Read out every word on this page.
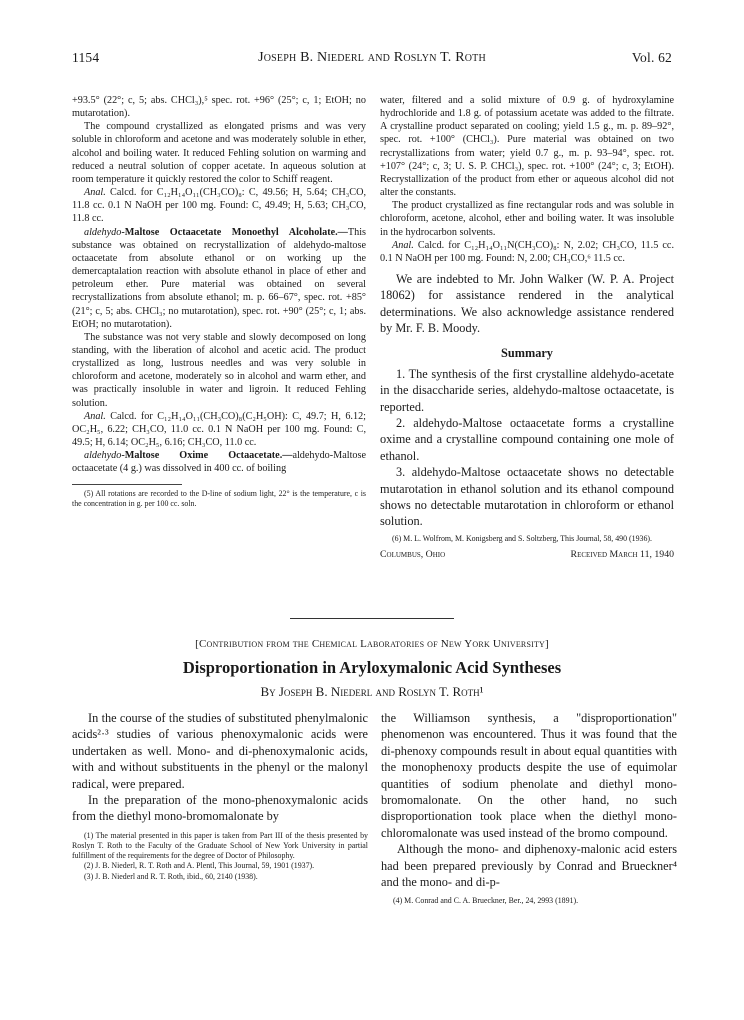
1154	Joseph B. Niederl and Roslyn T. Roth	Vol. 62

+93.5° (22°; c, 5; abs. CHCl₃),⁵ spec. rot. +96° (25°; c, 1; EtOH; no mutarotation).

The compound crystallized as elongated prisms and was very soluble in chloroform and acetone and was moderately soluble in ether, alcohol and boiling water. It reduced Fehling solution on warming and reduced a neutral solution of copper acetate. In aqueous solution at room temperature it quickly restored the color to Schiff reagent.

Anal. Calcd. for C₁₂H₁₄O₁₁(CH₃CO)₈: C, 49.56; H, 5.64; CH₃CO, 11.8 cc. 0.1 N NaOH per 100 mg. Found: C, 49.49; H, 5.63; CH₃CO, 11.8 cc.

aldehydo-Maltose Octaacetate Monoethyl Alcoholate.—This substance was obtained on recrystallization of aldehydo-maltose octaacetate from absolute ethanol or on working up the demercaptalation reaction with absolute ethanol in place of ether and petroleum ether. Pure material was obtained on several recrystallizations from absolute ethanol; m. p. 66–67°, spec. rot. +85° (21°; c, 5; abs. CHCl₃; no mutarotation), spec. rot. +90° (25°; c, 1; abs. EtOH; no mutarotation).

The substance was not very stable and slowly decomposed on long standing, with the liberation of alcohol and acetic acid. The product crystallized as long, lustrous needles and was very soluble in chloroform and acetone, moderately so in alcohol and warm ether, and was practically insoluble in water and ligroin. It reduced Fehling solution.

Anal. Calcd. for C₁₂H₁₄O₁₁(CH₃CO)₈(C₂H₅OH): C, 49.7; H, 6.12; OC₂H₅, 6.22; CH₃CO, 11.0 cc. 0.1 N NaOH per 100 mg. Found: C, 49.5; H, 6.14; OC₂H₅, 6.16; CH₃CO, 11.0 cc.

aldehydo-Maltose Oxime Octaacetate.—aldehydo-Maltose octaacetate (4 g.) was dissolved in 400 cc. of boiling

(5) All rotations are recorded to the D-line of sodium light, 22° is the temperature, c is the concentration in g. per 100 cc. soln.

water, filtered and a solid mixture of 0.9 g. of hydroxylamine hydrochloride and 1.8 g. of potassium acetate was added to the filtrate. A crystalline product separated on cooling; yield 1.5 g., m. p. 89–92°, spec. rot. +100° (CHCl₃). Pure material was obtained on two recrystallizations from water; yield 0.7 g., m. p. 93–94°, spec. rot. +107° (24°; c, 3; U. S. P. CHCl₃), spec. rot. +100° (24°; c, 3; EtOH). Recrystallization of the product from ether or aqueous alcohol did not alter the constants.

The product crystallized as fine rectangular rods and was soluble in chloroform, acetone, alcohol, ether and boiling water. It was insoluble in the hydrocarbon solvents.

Anal. Calcd. for C₁₂H₁₄O₁₁N(CH₃CO)₈: N, 2.02; CH₃CO, 11.5 cc. 0.1 N NaOH per 100 mg. Found: N, 2.00; CH₃CO,⁶ 11.5 cc.

We are indebted to Mr. John Walker (W. P. A. Project 18062) for assistance rendered in the analytical determinations. We also acknowledge assistance rendered by Mr. F. B. Moody.

Summary

1. The synthesis of the first crystalline aldehydo-acetate in the disaccharide series, aldehydo-maltose octaacetate, is reported.

2. aldehydo-Maltose octaacetate forms a crystalline oxime and a crystalline compound containing one mole of ethanol.

3. aldehydo-Maltose octaacetate shows no detectable mutarotation in ethanol solution and its ethanol compound shows no detectable mutarotation in chloroform or ethanol solution.

(6) M. L. Wolfrom, M. Konigsberg and S. Soltzberg, This Journal, 58, 490 (1936).

Columbus, Ohio	Received March 11, 1940
[Contribution from the Chemical Laboratories of New York University]
Disproportionation in Aryloxymalonic Acid Syntheses
By Joseph B. Niederl and Roslyn T. Roth¹

In the course of the studies of substituted phenylmalonic acids²·³ studies of various phenoxymalonic acids were undertaken as well. Mono- and di-phenoxymalonic acids, with and without substituents in the phenyl or the malonyl radical, were prepared.

In the preparation of the mono-phenoxymalonic acids from the diethyl mono-bromomalonate by

(1) The material presented in this paper is taken from Part III of the thesis presented by Roslyn T. Roth to the Faculty of the Graduate School of New York University in partial fulfillment of the requirements for the degree of Doctor of Philosophy.

(2) J. B. Niederl, R. T. Roth and A. Plentl, This Journal, 59, 1901 (1937).

(3) J. B. Niederl and R. T. Roth, ibid., 60, 2140 (1938).

the Williamson synthesis, a "disproportionation" phenomenon was encountered. Thus it was found that the di-phenoxy compounds result in about equal quantities with the monophenoxy products despite the use of equimolar quantities of sodium phenolate and diethyl mono-bromomalonate. On the other hand, no such disproportionation took place when the diethyl mono-chloromalonate was used instead of the bromo compound.

Although the mono- and diphenoxy-malonic acid esters had been prepared previously by Conrad and Brueckner⁴ and the mono- and di-p-

(4) M. Conrad and C. A. Brueckner, Ber., 24, 2993 (1891).
